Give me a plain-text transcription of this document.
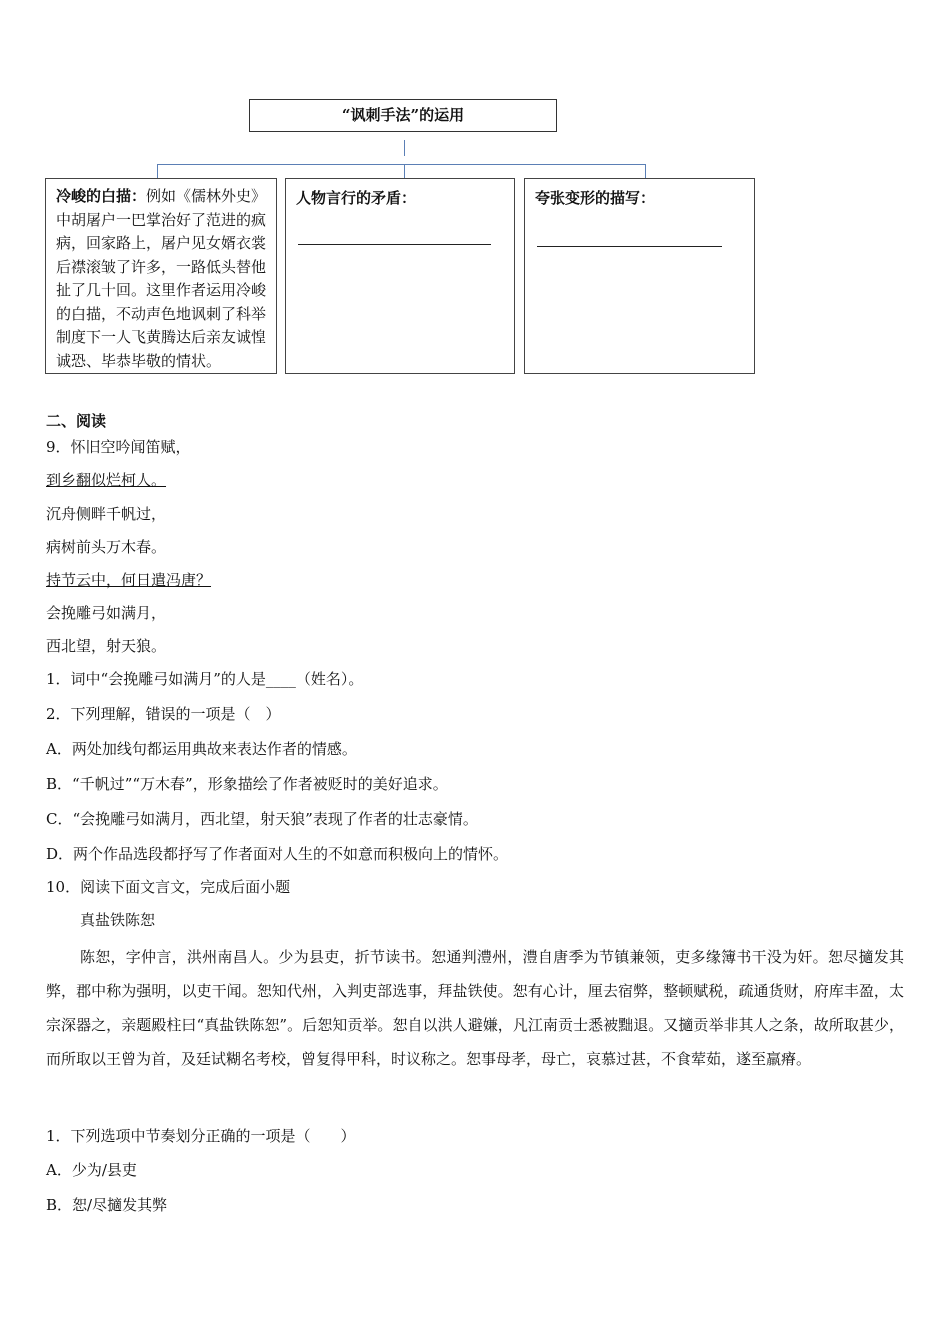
“讽刺手法”的运用
冷峻的白描：例如《儒林外史》中胡屠户一巴掌治好了范进的疯病，回家路上，屠户见女婿衣裳后襟滚皱了许多，一路低头替他扯了几十回。这里作者运用冷峻的白描，不动声色地讽刺了科举制度下一人飞黄腾达后亲友诚惶诚恐、毕恭毕敬的情状。
人物言行的矛盾：	夸张变形的描写：
二、阅读
9．怀旧空吟闻笛赋，
到乡翻似烂柯人。
沉舟侧畔千帆过，
病树前头万木春。
持节云中，何日遣冯唐？
会挽雕弓如满月，
西北望，射天狼。
1．词中“会挽雕弓如满月”的人是____（姓名）。
2．下列理解，错误的一项是（　）
A．两处加线句都运用典故来表达作者的情感。
B．“千帆过”“万木春”，形象描绘了作者被贬时的美好追求。
C．“会挽雕弓如满月，西北望，射天狼”表现了作者的壮志豪情。
D．两个作品选段都抒写了作者面对人生的不如意而积极向上的情怀。
10．阅读下面文言文，完成后面小题
真盐铁陈恕
陈恕，字仲言，洪州南昌人。少为县吏，折节读书。恕通判澧州，澧自唐季为节镇兼领，吏多缘簿书干没为奸。恕尽擿发其弊，郡中称为强明，以吏干闻。恕知代州，入判吏部选事，拜盐铁使。恕有心计，厘去宿弊，整顿赋税，疏通货财，府库丰盈，太宗深器之，亲题殿柱曰“真盐铁陈恕”。后恕知贡举。恕自以洪人避嫌，凡江南贡士悉被黜退。又擿贡举非其人之条，故所取甚少，而所取以王曾为首，及廷试糊名考校，曾复得甲科，时议称之。恕事母孝，母亡，哀慕过甚，不食荤茹，遂至羸瘠。
1．下列选项中节奏划分正确的一项是（　　）
A．少为/县吏
B．恕/尽擿发其弊
